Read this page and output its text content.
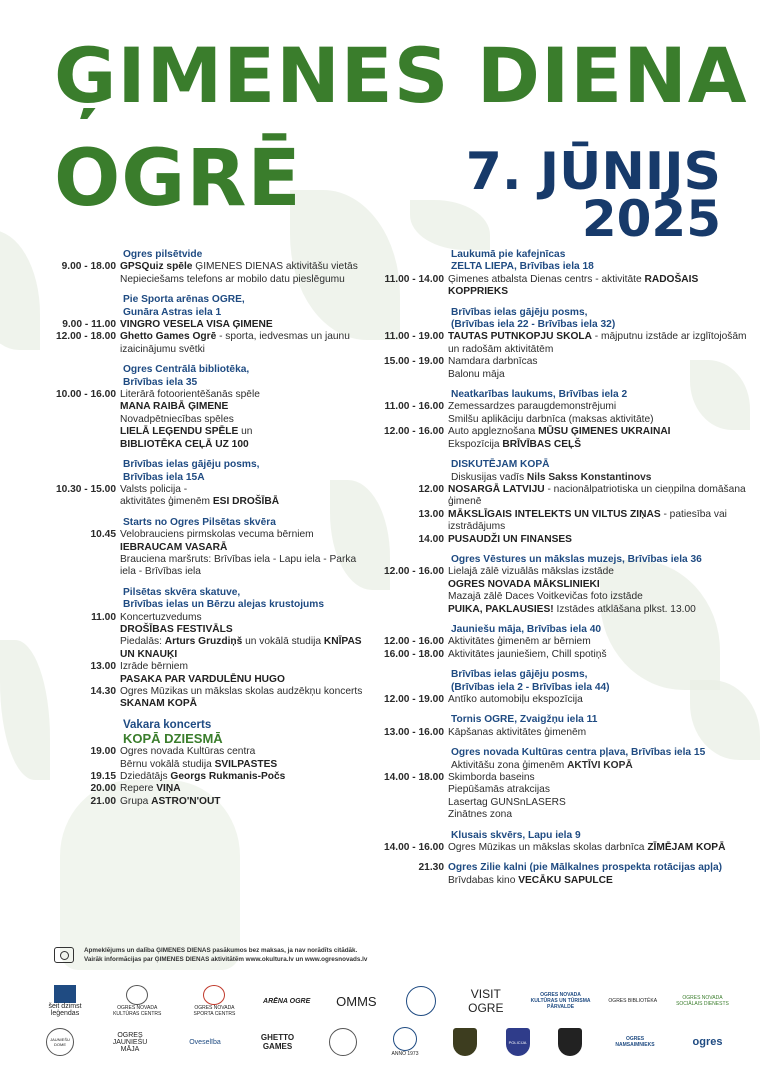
ĢIMENES DIENA
OGRĒ	7. JŪNIJS
2025
Ogres pilsētvide
9.00 - 18.00 GPSQuiz spēle ĢIMENES DIENAS aktivitāšu vietās
Nepieciešams telefons ar mobilo datu pieslēgumu
Pie Sporta arēnas OGRE,
Gunāra Astras iela 1
9.00 - 11.00 VINGRO VESELA VISA ĢIMENE
12.00 - 18.00 Ghetto Games Ogrē - sporta, iedvesmas un jaunu izaicinājumu svētki
Ogres Centrālā bibliotēka,
Brīvības iela 35
10.00 - 16.00 Literārā fotoorientēšanās spēle
MANA RAIBĀ ĢIMENE
Novadpētniecības spēles
LIELĀ LEĢENDU SPĒLE un
BIBLIOTĒKA CEĻĀ UZ 100
Brīvības ielas gājēju posms,
Brīvības iela 15A
10.30 - 15.00 Valsts policija -
aktivitātes ģimenēm ESI DROŠĪBĀ
Starts no Ogres Pilsētas skvēra
10.45 Velobrauciens pirmskolas vecuma bērniem IEBRAUCAM VASARĀ
Brauciena maršruts: Brīvības iela - Lapu iela - Parka iela - Brīvības iela
Pilsētas skvēra skatuve,
Brīvības ielas un Bērzu alejas krustojums
11.00 Koncertuzvedums
DROŠĪBAS FESTIVĀLS
Piedalās: Arturs Gruzdiņš un vokālā studija KNĪPAS UN KNAUĶI
13.00 Izrāde bērniem
PASAKA PAR VARDULĒNU HUGO
14.30 Ogres Mūzikas un mākslas skolas audzēkņu koncerts SKANAM KOPĀ
Vakara koncerts
KOPĀ DZIESMĀ
19.00 Ogres novada Kultūras centra
Bērnu vokālā studija SVILPASTES
19.15 Dziedātājs Georgs Rukmanis-Počs
20.00 Repere VIŅA
21.00 Grupa ASTRO'N'OUT
Laukumā pie kafejnīcas
ZELTA LIEPA, Brīvības iela 18
11.00 - 14.00 Ģimenes atbalsta Dienas centrs - aktivitāte RADOŠAIS KOPPRIEKS
Brīvības ielas gājēju posms,
(Brīvības iela 22 - Brīvības iela 32)
11.00 - 19.00 TAUTAS PUTNKOPJU SKOLA - mājputnu izstāde ar izglītojošām un radošām aktivitātēm
15.00 - 19.00 Namdara darbnīcas
Balonu māja
Neatkarības laukums, Brīvības iela 2
11.00 - 16.00 Zemessardzes paraugdemonstrējumi
Smilšu aplikāciju darbnīca (maksas aktivitāte)
12.00 - 16.00 Auto apgleznošana MŪSU ĢIMENES UKRAINAI
Ekspozīcija BRĪVĪBAS CEĻŠ
DISKUTĒJAM KOPĀ
Diskusijas vadīs Nils Sakss Konstantinovs
12.00 NOSARGĀ LATVIJU - nacionālpatriotiska un cieņpilna domāšana ģimenē
13.00 MĀKSLĪGAIS INTELEKTS UN VILTUS ZIŅAS - patiesība vai izstrādājums
14.00 PUSAUDŽI UN FINANSES
Ogres Vēstures un mākslas muzejs, Brīvības iela 36
12.00 - 16.00 Lielajā zālē vizuālās mākslas izstāde
OGRES NOVADA MĀKSLINIEKI
Mazajā zālē Daces Voitkevičas foto izstāde
PUIKA, PAKLAUSIES! Izstādes atklāšana plkst. 13.00
Jauniešu māja, Brīvības iela 40
12.00 - 16.00 Aktivitātes ģimenēm ar bērniem
16.00 - 18.00 Aktivitātes jauniešiem, Chill spotiņš
Brīvības ielas gājēju posms,
(Brīvības iela 2 - Brīvības iela 44)
12.00 - 19.00 Antīko automobiļu ekspozīcija
Tornis OGRE, Zvaigžņu iela 11
13.00 - 16.00 Kāpšanas aktivitātes ģimenēm
Ogres novada Kultūras centra pļava, Brīvības iela 15
Aktivitāšu zona ģimenēm AKTĪVI KOPĀ
14.00 - 18.00 Skimborda baseins
Piepūšamās atrakcijas
Lasertag GUNSnLASERS
Zinātnes zona
Klusais skvērs, Lapu iela 9
14.00 - 16.00 Ogres Mūzikas un mākslas skolas darbnīca ZĪMĒJAM KOPĀ
21.30 Ogres Zilie kalni (pie Mālkalnes prospekta rotācijas apļa)
Brīvdabas kino VECĀKU SAPULCE
Apmeklējums un dalība ĢIMENES DIENAS pasākumos bez maksas, ja nav norādīts citādāk.
Vairāk informācijas par ĢIMENES DIENAS aktivitātēm www.okultura.lv un www.ogresnovads.lv
šeit dzimst leģendas
OGRES NOVADA KULTŪRAS CENTRS
OGRES NOVADA SPORTA CENTRS
ARĒNA OGRE	OMMS	VISIT OGRE
OGRES NOVADA KULTŪRAS UN TŪRISMA PĀRVALDE
OGRES BIBLIOTĒKA	OGRES NOVADA SOCIĀLAIS DIENESTS
JAUNIEŠU DOME
OGRES JAUNIEŠU MĀJA
Oveselība	GHETTO GAMES
ANNO 1973
POLICIJA	OGRES NAMSAIMNIEKS	ogres
